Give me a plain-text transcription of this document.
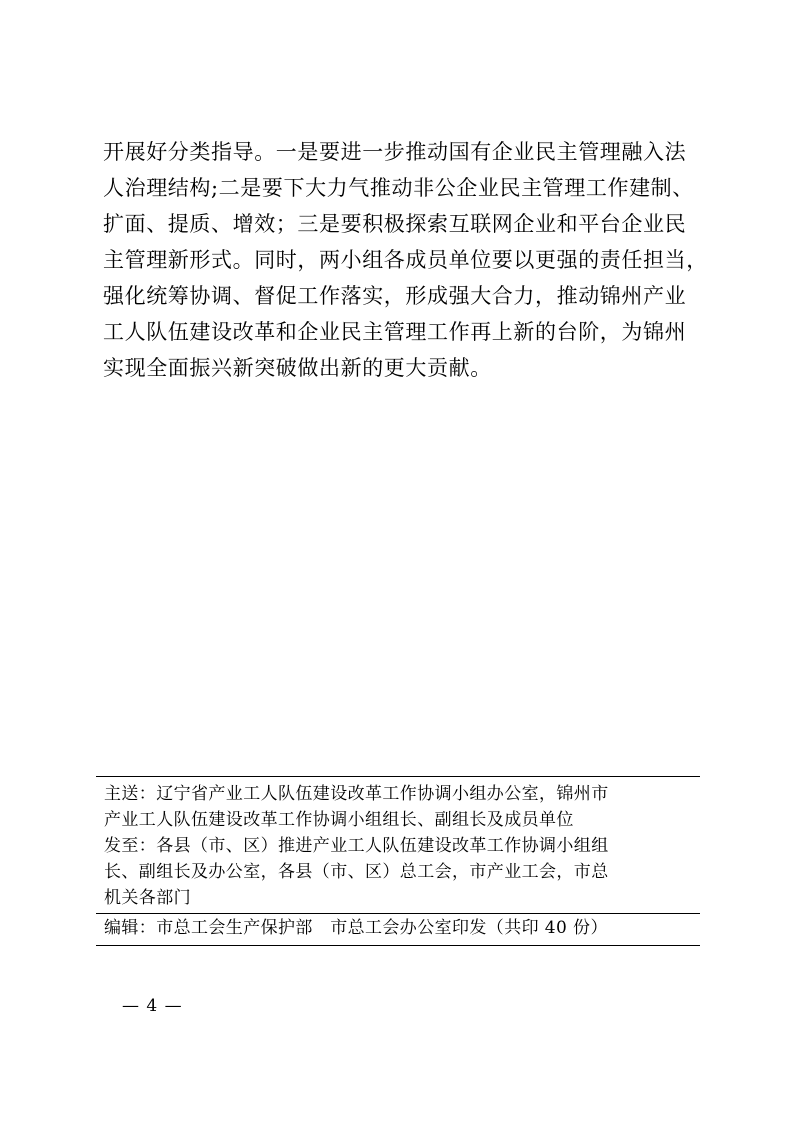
开展好分类指导。一是要进一步推动国有企业民主管理融入法
人治理结构;二是要下大力气推动非公企业民主管理工作建制、
扩面、提质、增效；三是要积极探索互联网企业和平台企业民
主管理新形式。同时，两小组各成员单位要以更强的责任担当，
强化统筹协调、督促工作落实，形成强大合力，推动锦州产业
工人队伍建设改革和企业民主管理工作再上新的台阶，为锦州
实现全面振兴新突破做出新的更大贡献。
主送：辽宁省产业工人队伍建设改革工作协调小组办公室，锦州市
产业工人队伍建设改革工作协调小组组长、副组长及成员单位
发至：各县（市、区）推进产业工人队伍建设改革工作协调小组组
长、副组长及办公室，各县（市、区）总工会，市产业工会，市总
机关各部门
编辑：市总工会生产保护部　市总工会办公室印发（共印 40 份）
— 4 —
